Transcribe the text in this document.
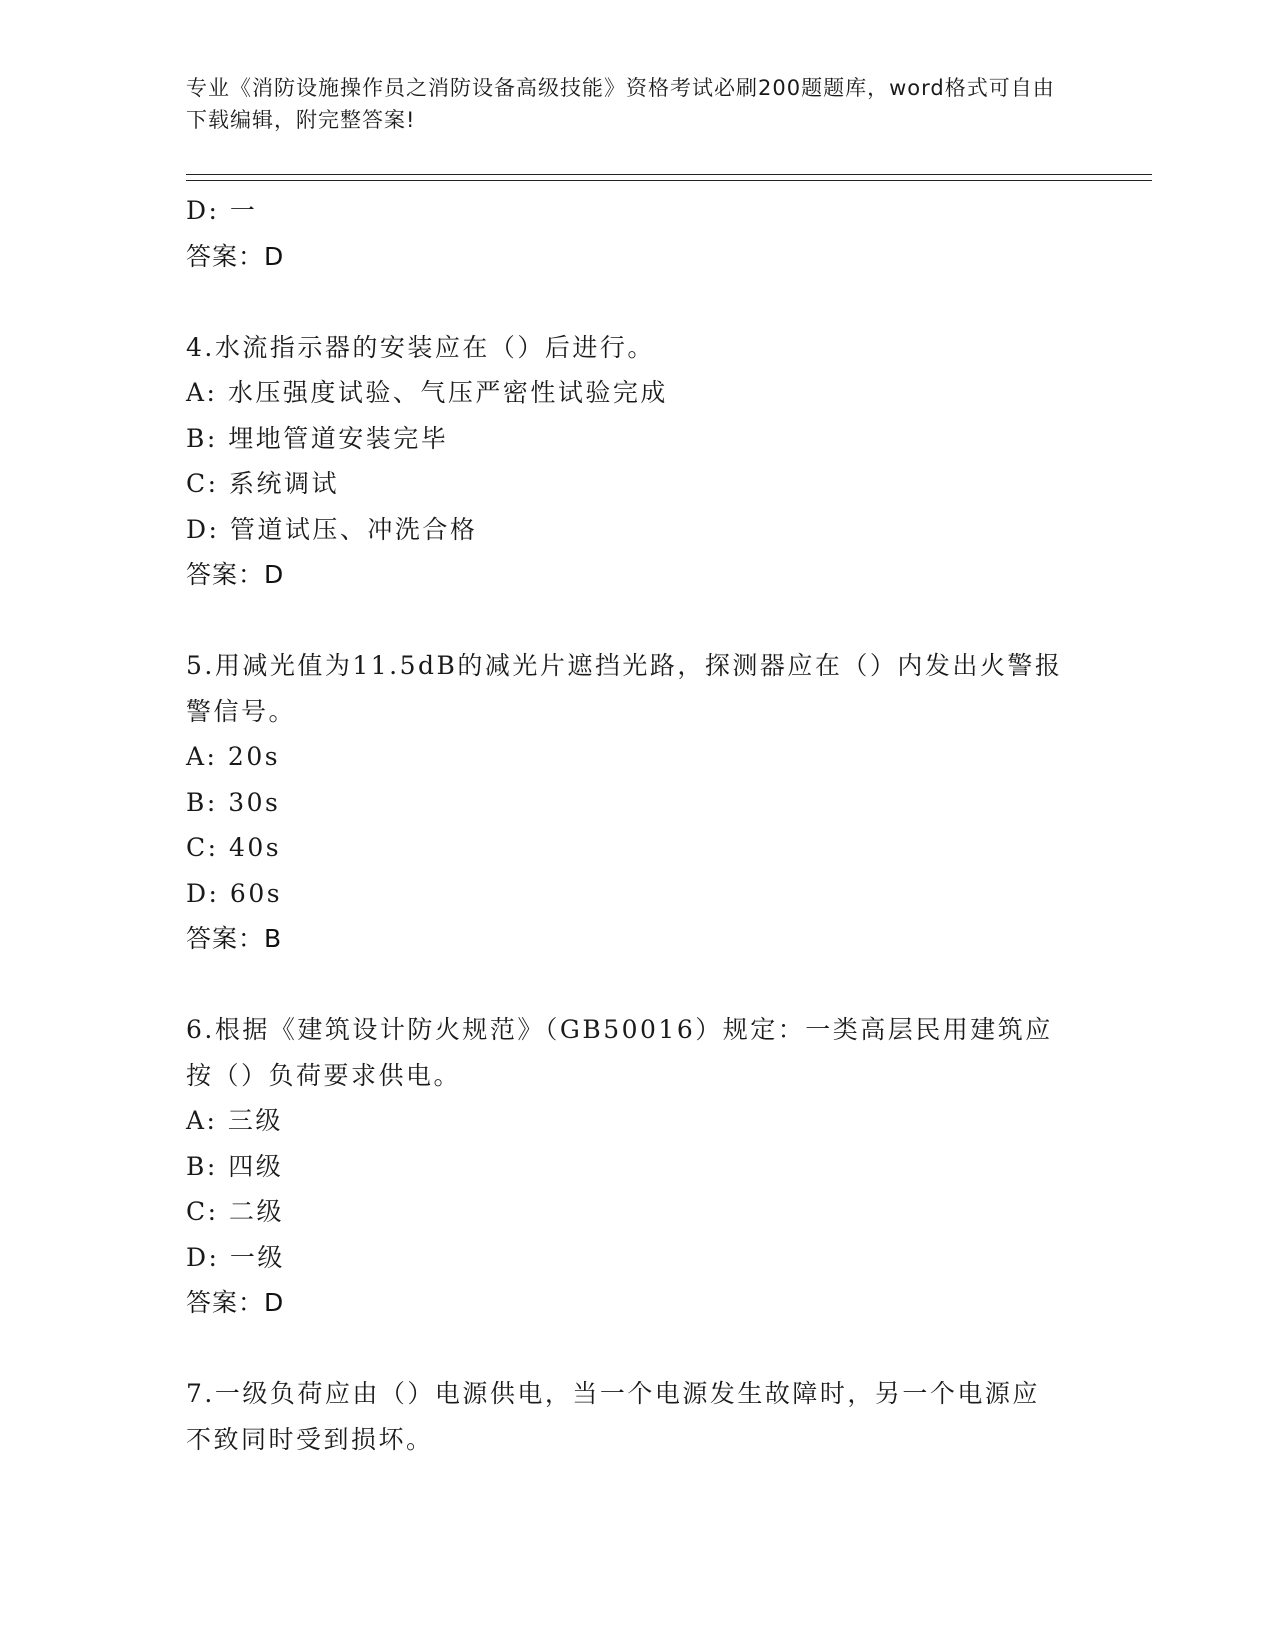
专业《消防设施操作员之消防设备高级技能》资格考试必刷200题题库，word格式可自由下载编辑，附完整答案!
D: 一
答案：D
4.水流指示器的安装应在（）后进行。
A: 水压强度试验、气压严密性试验完成
B: 埋地管道安装完毕
C: 系统调试
D: 管道试压、冲洗合格
答案：D
5.用减光值为11.5dB的减光片遮挡光路，探测器应在（）内发出火警报警信号。
A: 20s
B: 30s
C: 40s
D: 60s
答案：B
6.根据《建筑设计防火规范》（GB50016）规定：一类高层民用建筑应按（）负荷要求供电。
A: 三级
B: 四级
C: 二级
D: 一级
答案：D
7.一级负荷应由（）电源供电，当一个电源发生故障时，另一个电源应不致同时受到损坏。
